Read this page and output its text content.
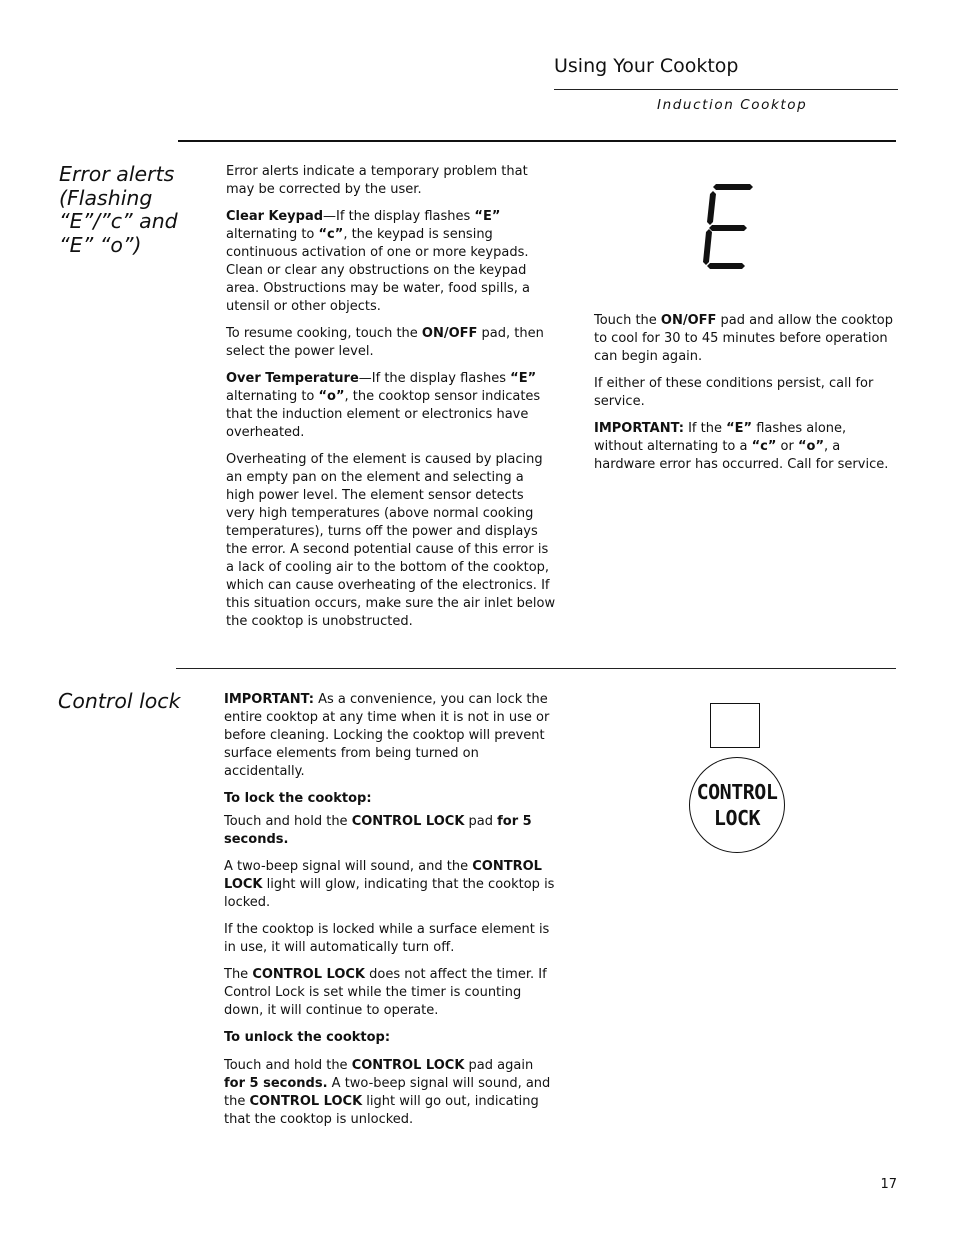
Using Your Cooktop
Induction Cooktop
Error alerts
(Flashing
“E”/”c” and
“E” “o”)

Error alerts indicate a temporary problem that may be corrected by the user.

Clear Keypad—If the display flashes “E” alternating to “c”, the keypad is sensing continuous activation of one or more keypads. Clean or clear any obstructions on the keypad area. Obstructions may be water, food spills, a utensil or other objects.

To resume cooking, touch the ON/OFF pad, then select the power level.

Over Temperature—If the display flashes “E” alternating to “o”, the cooktop sensor indicates that the induction element or electronics have overheated.

Overheating of the element is caused by placing an empty pan on the element and selecting a high power level. The element sensor detects very high temperatures (above normal cooking temperatures), turns off the power and displays the error. A second potential cause of this error is a lack of cooling air to the bottom of the cooktop, which can cause overheating of the electronics. If this situation occurs, make sure the air inlet below the cooktop is unobstructed.

Touch the ON/OFF pad and allow the cooktop to cool for 30 to 45 minutes before operation can begin again.

If either of these conditions persist, call for service.

IMPORTANT: If the “E” flashes alone, without alternating to a “c” or “o”, a hardware error has occurred. Call for service.

Control lock	IMPORTANT: As a convenience, you can lock the entire cooktop at any time when it is not in use or before cleaning. Locking the cooktop will prevent surface elements from being turned on accidentally.

To lock the cooktop:

Touch and hold the CONTROL LOCK pad for 5 seconds.

A two-beep signal will sound, and the CONTROL LOCK light will glow, indicating that the cooktop is locked.

If the cooktop is locked while a surface element is in use, it will automatically turn off.

The CONTROL LOCK does not affect the timer. If Control Lock is set while the timer is counting down, it will continue to operate.

To unlock the cooktop:

Touch and hold the CONTROL LOCK pad again for 5 seconds. A two-beep signal will sound, and the CONTROL LOCK light will go out, indicating that the cooktop is unlocked.

CONTROL
LOCK
17
